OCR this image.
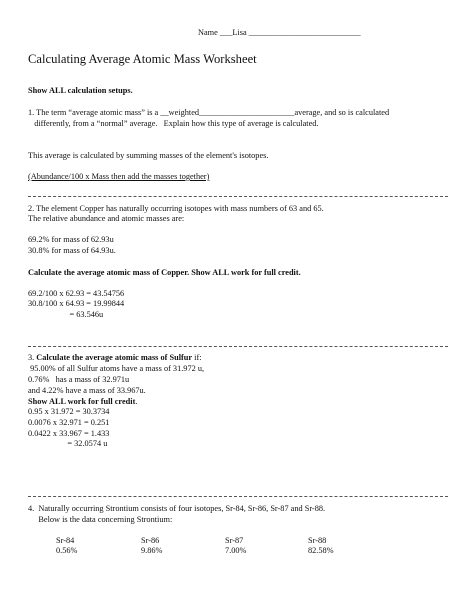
Name ___Lisa ___________________________
Calculating Average Atomic Mass Worksheet
Show ALL calculation setups.
1. The term “average atomic mass” is a __weighted_______________________average, and so is calculated
differently, from a “normal” average.   Explain how this type of average is calculated.
This average is calculated by summing masses of the element's isotopes.
(Abundance/100 x Mass then add the masses together)
2. The element Copper has naturally occurring isotopes with mass numbers of 63 and 65.
The relative abundance and atomic masses are:
69.2% for mass of 62.93u
30.8% for mass of 64.93u.
Calculate the average atomic mass of Copper. Show ALL work for full credit.
69.2/100 x 62.93 = 43.54756
30.8/100 x 64.93 = 19.99844
= 63.546u
3. Calculate the average atomic mass of Sulfur if:
95.00% of all Sulfur atoms have a mass of 31.972 u,
0.76%   has a mass of 32.971u
and 4.22% have a mass of 33.967u.
Show ALL work for full credit.
0.95 x 31.972 = 30.3734
0.0076 x 32.971 = 0.251
0.0422 x 33.967 = 1.433
= 32.0574 u
4.  Naturally occurring Strontium consists of four isotopes, Sr-84, Sr-86, Sr-87 and Sr-88.
Below is the data concerning Strontium:
Sr-84	Sr-86	Sr-87	Sr-88
0.56%	9.86%	7.00%	82.58%
